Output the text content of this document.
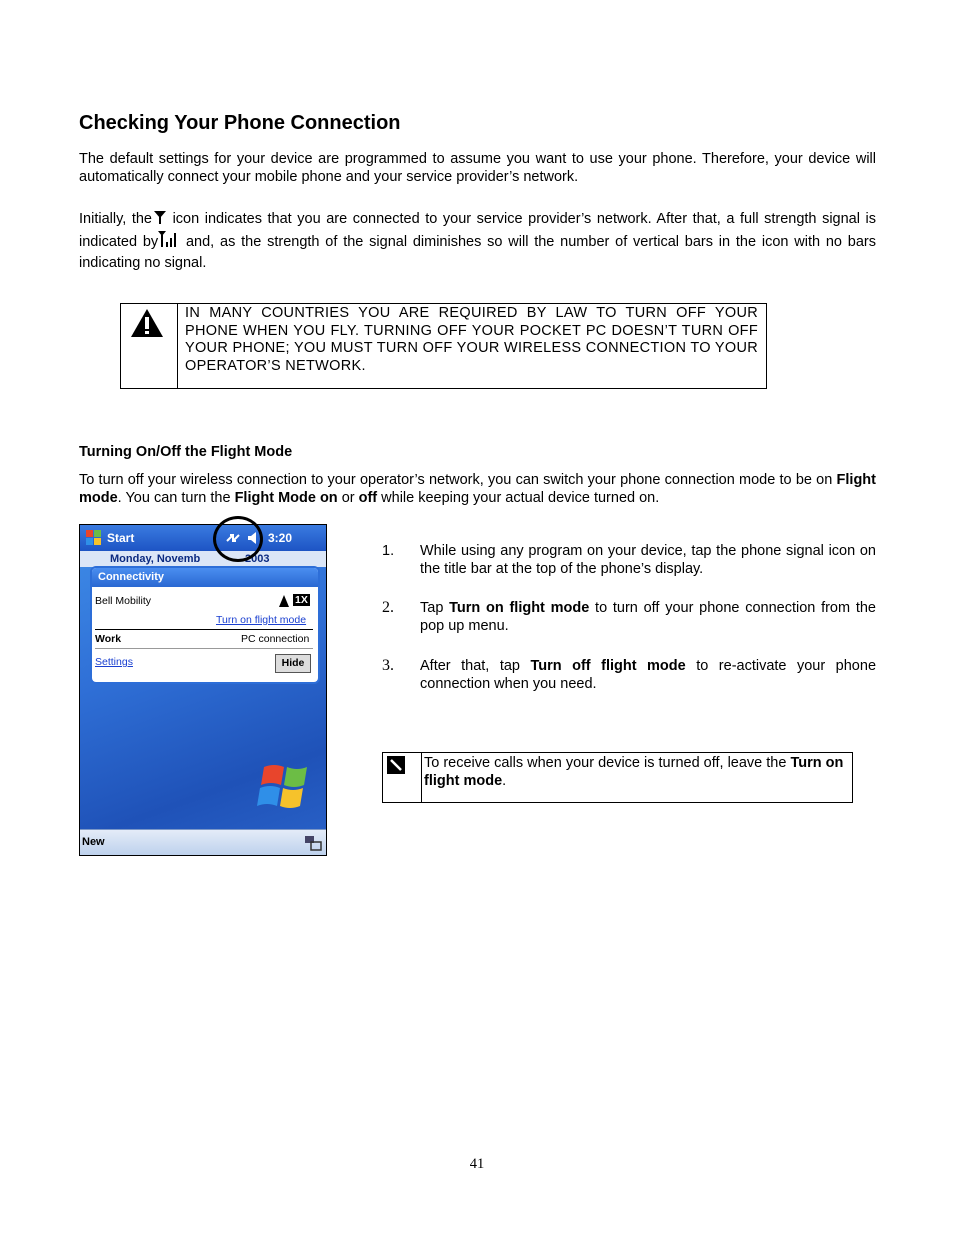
Checking Your Phone Connection

The default settings for your device are programmed to assume you want to use your phone. Therefore, your device will automatically connect your mobile phone and your service provider’s network.

Initially, the icon indicates that you are connected to your service provider’s network. After that, a full strength signal is indicated by and, as the strength of the signal diminishes so will the number of vertical bars in the icon with no bars indicating no signal.

IN MANY COUNTRIES YOU ARE REQUIRED BY LAW TO TURN OFF YOUR PHONE WHEN YOU FLY. TURNING OFF YOUR POCKET PC DOESN’T TURN OFF YOUR PHONE; YOU MUST TURN OFF YOUR WIRELESS CONNECTION TO YOUR OPERATOR’S NETWORK.

Turning On/Off the Flight Mode

To turn off your wireless connection to your operator’s network, you can switch your phone connection mode to be on Flight mode. You can turn the Flight Mode on or off while keeping your actual device turned on.

Start	3:20
Monday, Novemb	2003
Connectivity
Bell Mobility	1X
Turn on flight mode
Work	PC connection
Settings	Hide
New
1. While using any program on your device, tap the phone signal icon on the title bar at the top of the phone’s display.
2. Tap Turn on flight mode to turn off your phone connection from the pop up menu.
3. After that, tap Turn off flight mode to re-activate your phone connection when you need.
To receive calls when your device is turned off, leave the Turn on flight mode.
41
